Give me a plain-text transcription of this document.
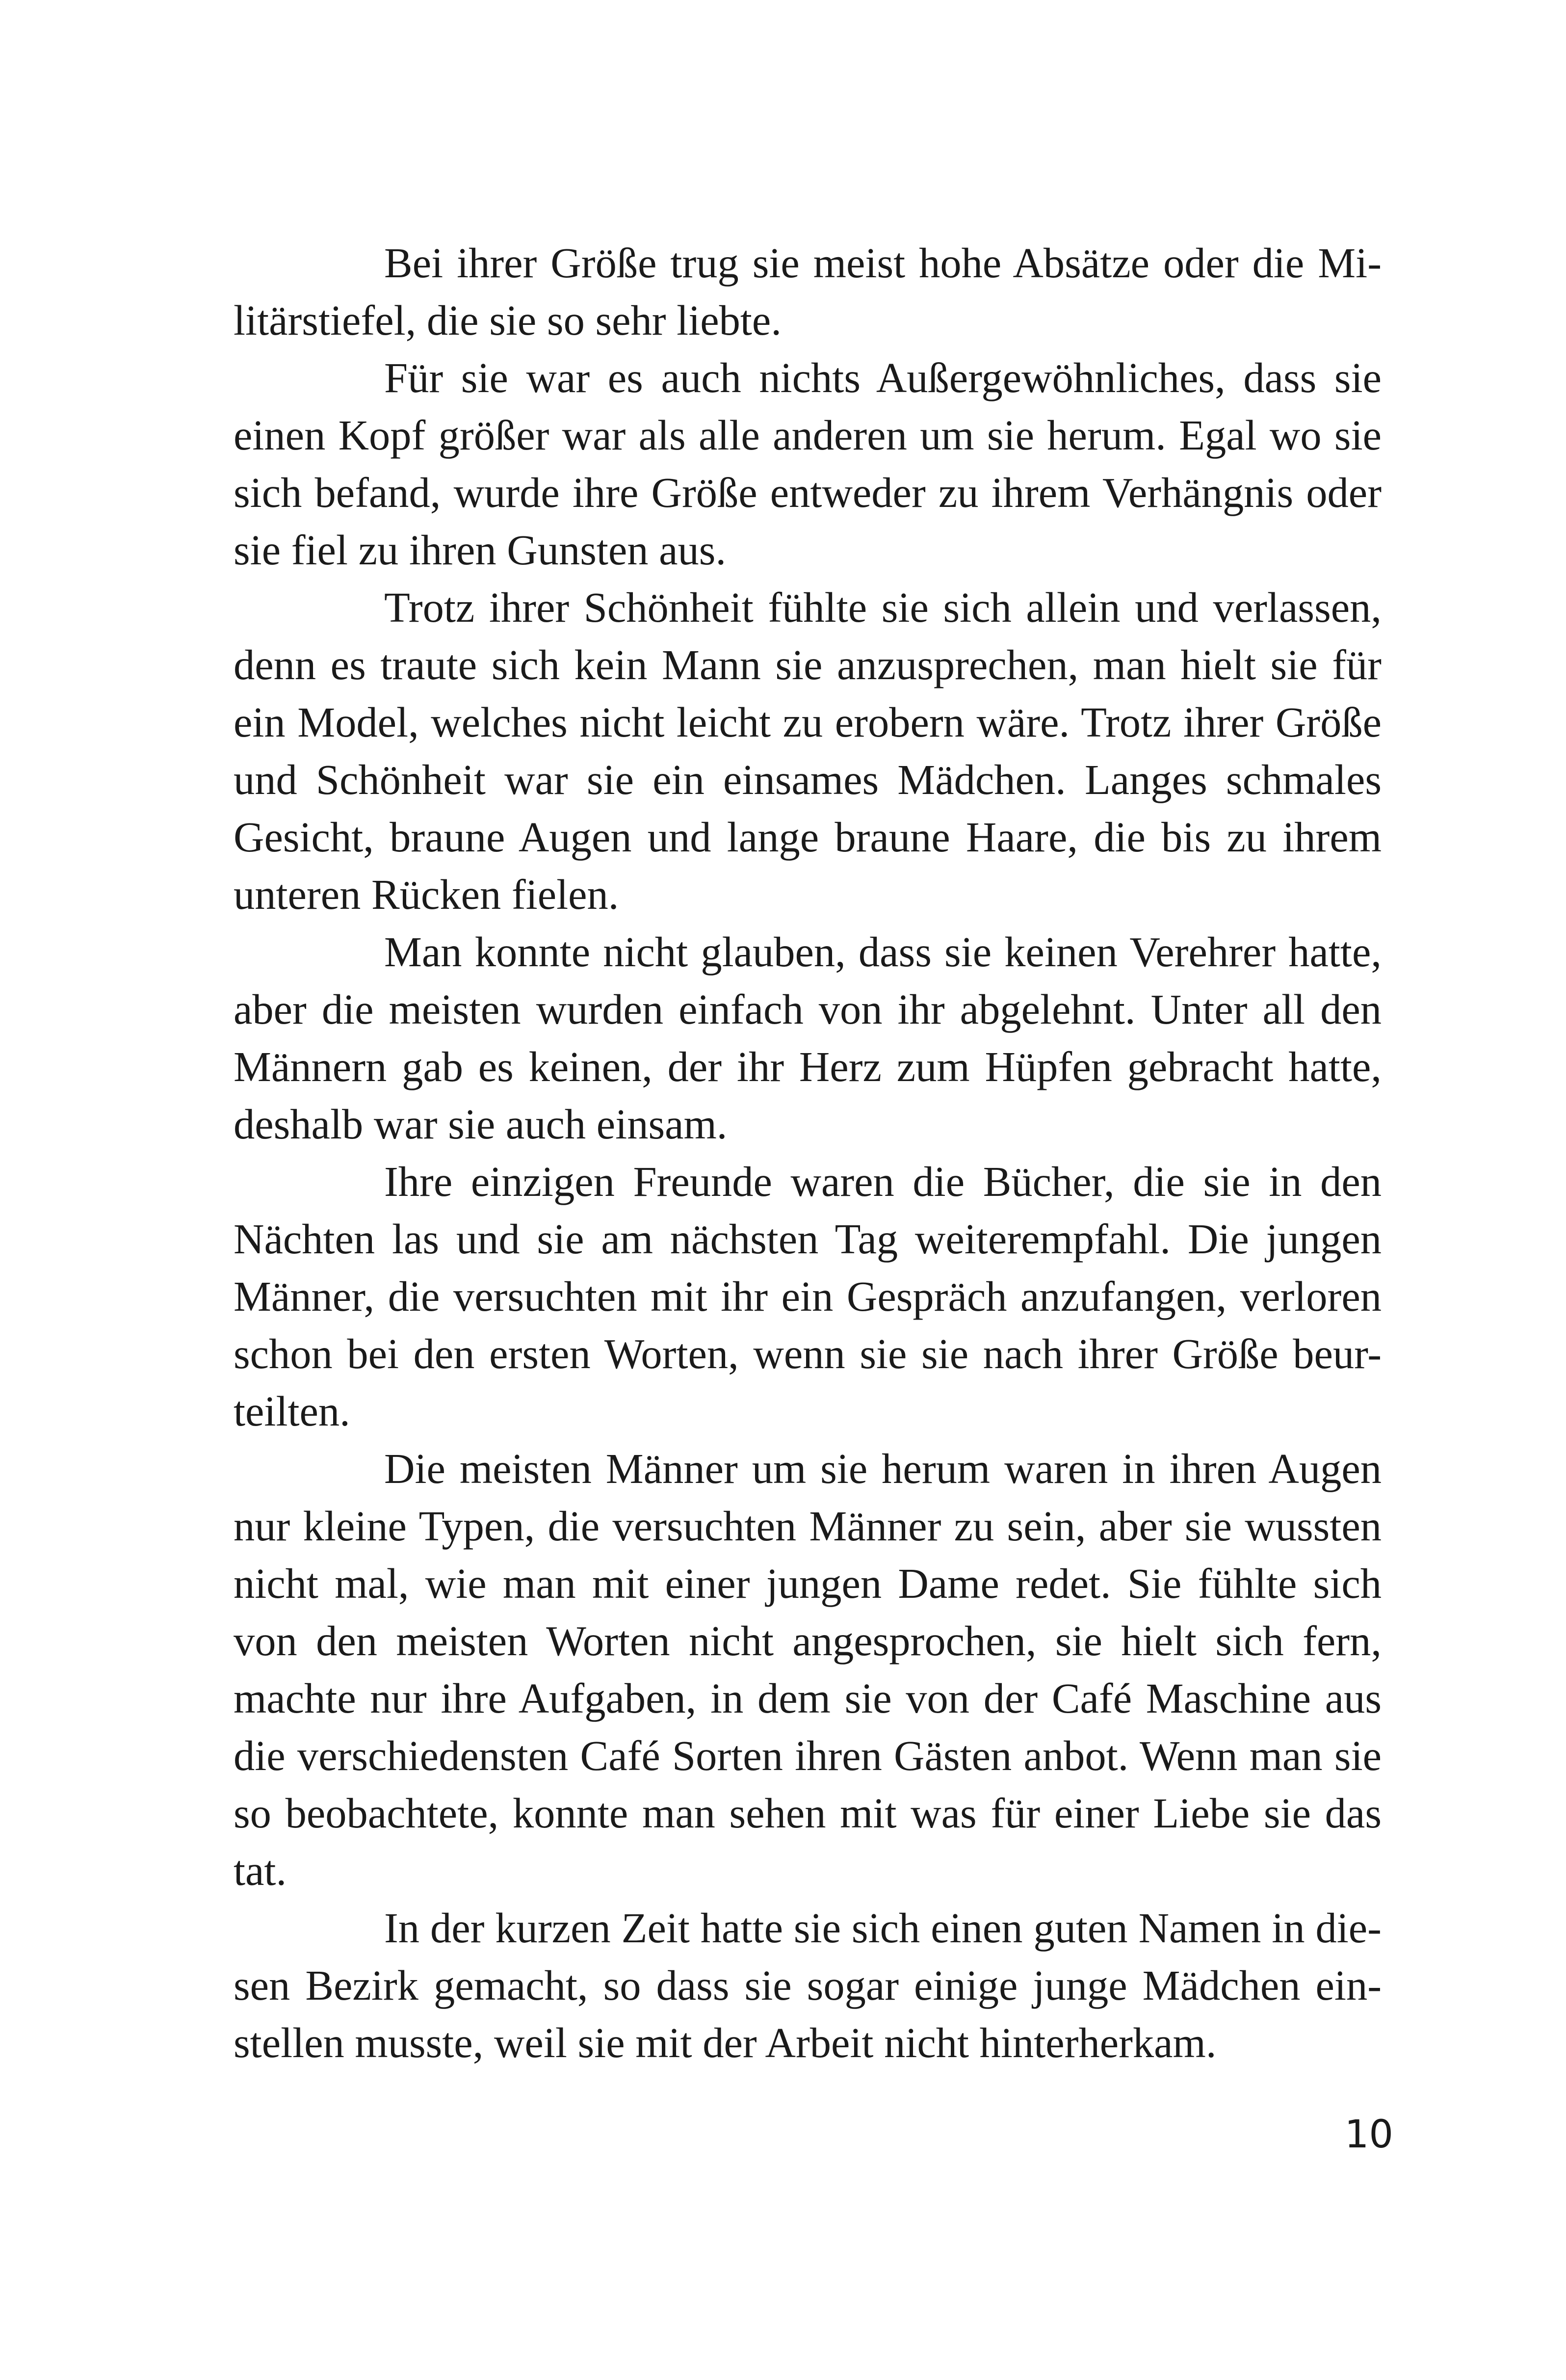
Bei ihrer Größe trug sie meist hohe Absätze oder die Mi-
litärstiefel, die sie so sehr liebte.
Für sie war es auch nichts Außergewöhnliches, dass sie
einen Kopf größer war als alle anderen um sie herum. Egal wo sie
sich befand, wurde ihre Größe entweder zu ihrem Verhängnis oder
sie fiel zu ihren Gunsten aus.
Trotz ihrer Schönheit fühlte sie sich allein und verlassen,
denn es traute sich kein Mann sie anzusprechen, man hielt sie für
ein Model, welches nicht leicht zu erobern wäre. Trotz ihrer Größe
und Schönheit war sie ein einsames Mädchen. Langes schmales
Gesicht, braune Augen und lange braune Haare, die bis zu ihrem
unteren Rücken fielen.
Man konnte nicht glauben, dass sie keinen Verehrer hatte,
aber die meisten wurden einfach von ihr abgelehnt. Unter all den
Männern gab es keinen, der ihr Herz zum Hüpfen gebracht hatte,
deshalb war sie auch einsam.
Ihre einzigen Freunde waren die Bücher, die sie in den
Nächten las und sie am nächsten Tag weiterempfahl. Die jungen
Männer, die versuchten mit ihr ein Gespräch anzufangen, verloren
schon bei den ersten Worten, wenn sie sie nach ihrer Größe beur-
teilten.
Die meisten Männer um sie herum waren in ihren Augen
nur kleine Typen, die versuchten Männer zu sein, aber sie wussten
nicht mal, wie man mit einer jungen Dame redet. Sie fühlte sich
von den meisten Worten nicht angesprochen, sie hielt sich fern,
machte nur ihre Aufgaben, in dem sie von der Café Maschine aus
die verschiedensten Café Sorten ihren Gästen anbot. Wenn man sie
so beobachtete, konnte man sehen mit was für einer Liebe sie das
tat.
In der kurzen Zeit hatte sie sich einen guten Namen in die-
sen Bezirk gemacht, so dass sie sogar einige junge Mädchen ein-
stellen musste, weil sie mit der Arbeit nicht hinterherkam.
10
